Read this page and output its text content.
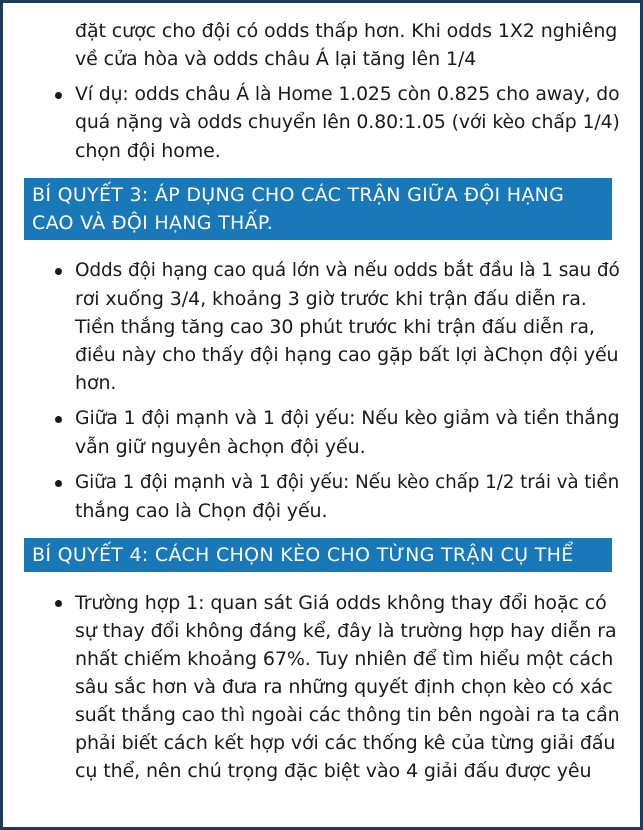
đặt cược cho đội có odds thấp hơn. Khi odds 1X2 nghiêng
về cửa hòa và odds châu Á lại tăng lên 1/4
Ví dụ: odds châu Á là Home 1.025 còn 0.825 cho away, do
quá nặng và odds chuyển lên 0.80:1.05 (với kèo chấp 1/4)
chọn đội home.
BÍ QUYẾT 3: ÁP DỤNG CHO CÁC TRẬN GIỮA ĐỘI HẠNG
CAO VÀ ĐỘI HẠNG THẤP.
Odds đội hạng cao quá lớn và nếu odds bắt đầu là 1 sau đó
rơi xuống 3/4, khoảng 3 giờ trước khi trận đấu diễn ra.
Tiền thắng tăng cao 30 phút trước khi trận đấu diễn ra,
điều này cho thấy đội hạng cao gặp bất lợi àChọn đội yếu
hơn.
Giữa 1 đội mạnh và 1 đội yếu: Nếu kèo giảm và tiền thắng
vẫn giữ nguyên àchọn đội yếu.
Giữa 1 đội mạnh và 1 đội yếu: Nếu kèo chấp 1/2 trái và tiền
thắng cao là Chọn đội yếu.
BÍ QUYẾT 4: CÁCH CHỌN KÈO CHO TỪNG TRẬN CỤ THỂ
Trường hợp 1: quan sát Giá odds không thay đổi hoặc có
sự thay đổi không đáng kể, đây là trường hợp hay diễn ra
nhất chiếm khoảng 67%. Tuy nhiên để tìm hiểu một cách
sâu sắc hơn và đưa ra những quyết định chọn kèo có xác
suất thắng cao thì ngoài các thông tin bên ngoài ra ta cần
phải biết cách kết hợp với các thống kê của từng giải đấu
cụ thể, nên chú trọng đặc biệt vào 4 giải đấu được yêu
